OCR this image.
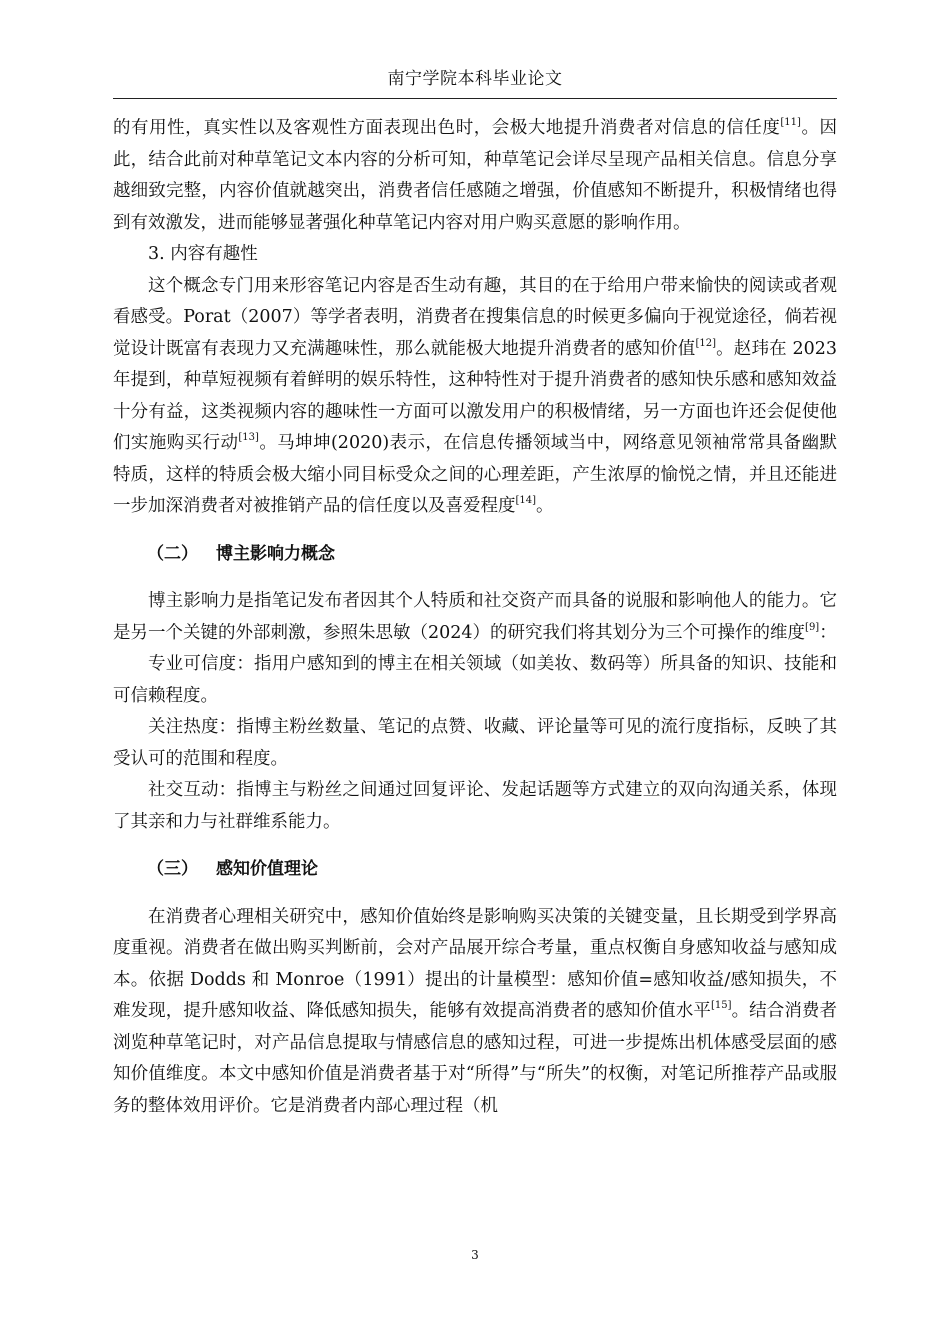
南宁学院本科毕业论文

的有用性，真实性以及客观性方面表现出色时，会极大地提升消费者对信息的信任度[11]。因此，结合此前对种草笔记文本内容的分析可知，种草笔记会详尽呈现产品相关信息。信息分享越细致完整，内容价值就越突出，消费者信任感随之增强，价值感知不断提升，积极情绪也得到有效激发，进而能够显著强化种草笔记内容对用户购买意愿的影响作用。

3. 内容有趣性

这个概念专门用来形容笔记内容是否生动有趣，其目的在于给用户带来愉快的阅读或者观看感受。Porat（2007）等学者表明，消费者在搜集信息的时候更多偏向于视觉途径，倘若视觉设计既富有表现力又充满趣味性，那么就能极大地提升消费者的感知价值[12]。赵玮在 2023 年提到，种草短视频有着鲜明的娱乐特性，这种特性对于提升消费者的感知快乐感和感知效益十分有益，这类视频内容的趣味性一方面可以激发用户的积极情绪，另一方面也许还会促使他们实施购买行动[13]。马坤坤(2020)表示，在信息传播领域当中，网络意见领袖常常具备幽默特质，这样的特质会极大缩小同目标受众之间的心理差距，产生浓厚的愉悦之情，并且还能进一步加深消费者对被推销产品的信任度以及喜爱程度[14]。

（二） 博主影响力概念

博主影响力是指笔记发布者因其个人特质和社交资产而具备的说服和影响他人的能力。它是另一个关键的外部刺激，参照朱思敏（2024）的研究我们将其划分为三个可操作的维度[9]：

专业可信度：指用户感知到的博主在相关领域（如美妆、数码等）所具备的知识、技能和可信赖程度。

关注热度：指博主粉丝数量、笔记的点赞、收藏、评论量等可见的流行度指标，反映了其受认可的范围和程度。

社交互动：指博主与粉丝之间通过回复评论、发起话题等方式建立的双向沟通关系，体现了其亲和力与社群维系能力。

（三） 感知价值理论

在消费者心理相关研究中，感知价值始终是影响购买决策的关键变量，且长期受到学界高度重视。消费者在做出购买判断前，会对产品展开综合考量，重点权衡自身感知收益与感知成本。依据 Dodds 和 Monroe（1991）提出的计量模型：感知价值=感知收益/感知损失，不难发现，提升感知收益、降低感知损失，能够有效提高消费者的感知价值水平[15]。结合消费者浏览种草笔记时，对产品信息提取与情感信息的感知过程，可进一步提炼出机体感受层面的感知价值维度。本文中感知价值是消费者基于对“所得”与“所失”的权衡，对笔记所推荐产品或服务的整体效用评价。它是消费者内部心理过程（机

3
